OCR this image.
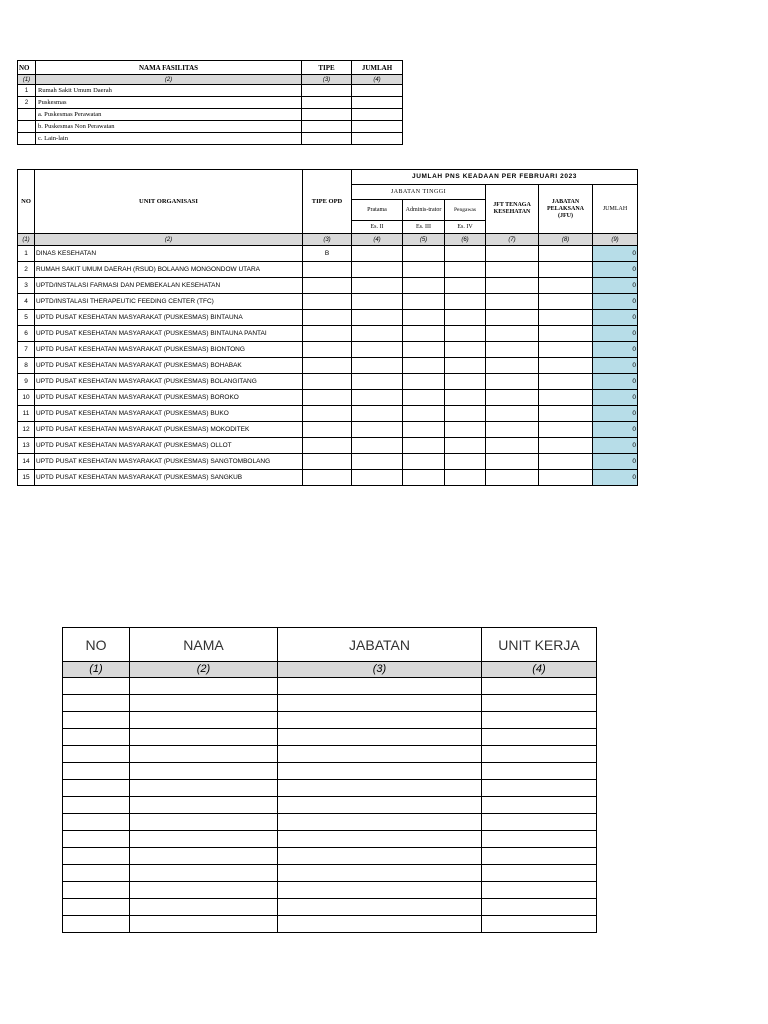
NO	NAMA FASILITAS	TIPE	JUMLAH
(1)	(2)	(3)	(4)
1	Rumah Sakit Umum Daerah		
2	Puskesmas		
	a. Puskesmas Perawatan		
	b. Puskesmas Non Perawatan		
	c. Lain-lain		
NO	UNIT ORGANISASI	TIPE OPD	JUMLAH PNS KEADAAN PER FEBRUARI 2023					
			JABATAN TINGGI			JFT TENAGA KESEHATAN	JABATAN PELAKSANA (JFU)	JUMLAH
			Pratama	Adminis-trator	Pengawas			
			Es. II	Es. III	Es. IV			
(1)	(2)	(3)	(4)	(5)	(6)	(7)	(8)	(9)
1	DINAS KESEHATAN	B						0
2	RUMAH SAKIT UMUM DAERAH (RSUD) BOLAANG MONGONDOW UTARA							0
3	UPTD/INSTALASI FARMASI DAN PEMBEKALAN KESEHATAN							0
4	UPTD/INSTALASI THERAPEUTIC FEEDING CENTER (TFC)							0
5	UPTD PUSAT KESEHATAN MASYARAKAT (PUSKESMAS) BINTAUNA							0
6	UPTD PUSAT KESEHATAN MASYARAKAT (PUSKESMAS) BINTAUNA PANTAI							0
7	UPTD PUSAT KESEHATAN MASYARAKAT (PUSKESMAS) BIONTONG							0
8	UPTD PUSAT KESEHATAN MASYARAKAT (PUSKESMAS) BOHABAK							0
9	UPTD PUSAT KESEHATAN MASYARAKAT (PUSKESMAS) BOLANGITANG							0
10	UPTD PUSAT KESEHATAN MASYARAKAT (PUSKESMAS) BOROKO							0
11	UPTD PUSAT KESEHATAN MASYARAKAT (PUSKESMAS) BUKO							0
12	UPTD PUSAT KESEHATAN MASYARAKAT (PUSKESMAS) MOKODITEK							0
13	UPTD PUSAT KESEHATAN MASYARAKAT (PUSKESMAS) OLLOT							0
14	UPTD PUSAT KESEHATAN MASYARAKAT (PUSKESMAS) SANGTOMBOLANG							0
15	UPTD PUSAT KESEHATAN MASYARAKAT (PUSKESMAS) SANGKUB							0
NO	NAMA	JABATAN	UNIT KERJA
(1)	(2)	(3)	(4)
